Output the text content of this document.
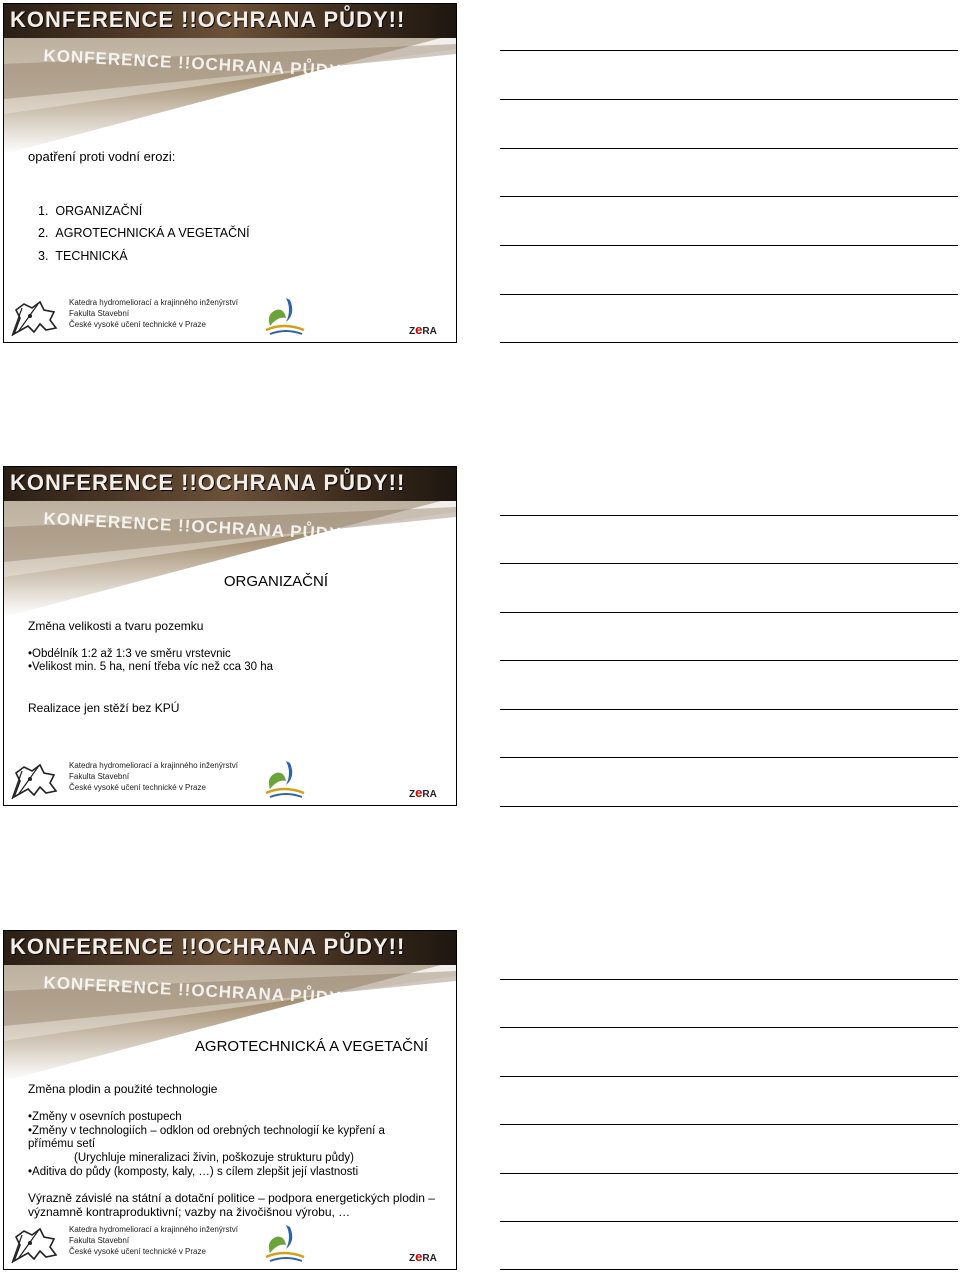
KONFERENCE !!OCHRANA PŮDY!!
KONFERENCE !!OCHRANA PŮDY!!
opatření proti vodní erozi:
1. ORGANIZAČNÍ
2. AGROTECHNICKÁ A VEGETAČNÍ
3. TECHNICKÁ
Katedra hydromeliorací a krajinného inženýrství
Fakulta Stavební
České vysoké učení technické v Praze
ZeRA
KONFERENCE !!OCHRANA PŮDY!!
KONFERENCE !!OCHRANA PŮDY!!
ORGANIZAČNÍ
Změna velikosti a tvaru pozemku
•Obdélník 1:2 až 1:3 ve směru vrstevnic
•Velikost min. 5 ha, není třeba víc než cca 30 ha
Realizace jen stěží bez KPÚ
Katedra hydromeliorací a krajinného inženýrství
Fakulta Stavební
České vysoké učení technické v Praze
ZeRA
KONFERENCE !!OCHRANA PŮDY!!
KONFERENCE !!OCHRANA PŮDY!!
AGROTECHNICKÁ A VEGETAČNÍ
Změna plodin a použité technologie
•Změny v osevních postupech
•Změny v technologiích – odklon od orebných technologií ke kypření a
přímému setí
(Urychluje mineralizaci živin, poškozuje strukturu půdy)
•Aditiva do půdy (komposty, kaly, …) s cílem zlepšit její vlastnosti
Výrazně závislé na státní a dotační politice – podpora energetických plodin –
významně kontraproduktivní; vazby na živočišnou výrobu, …
Katedra hydromeliorací a krajinného inženýrství
Fakulta Stavební
České vysoké učení technické v Praze
ZeRA
